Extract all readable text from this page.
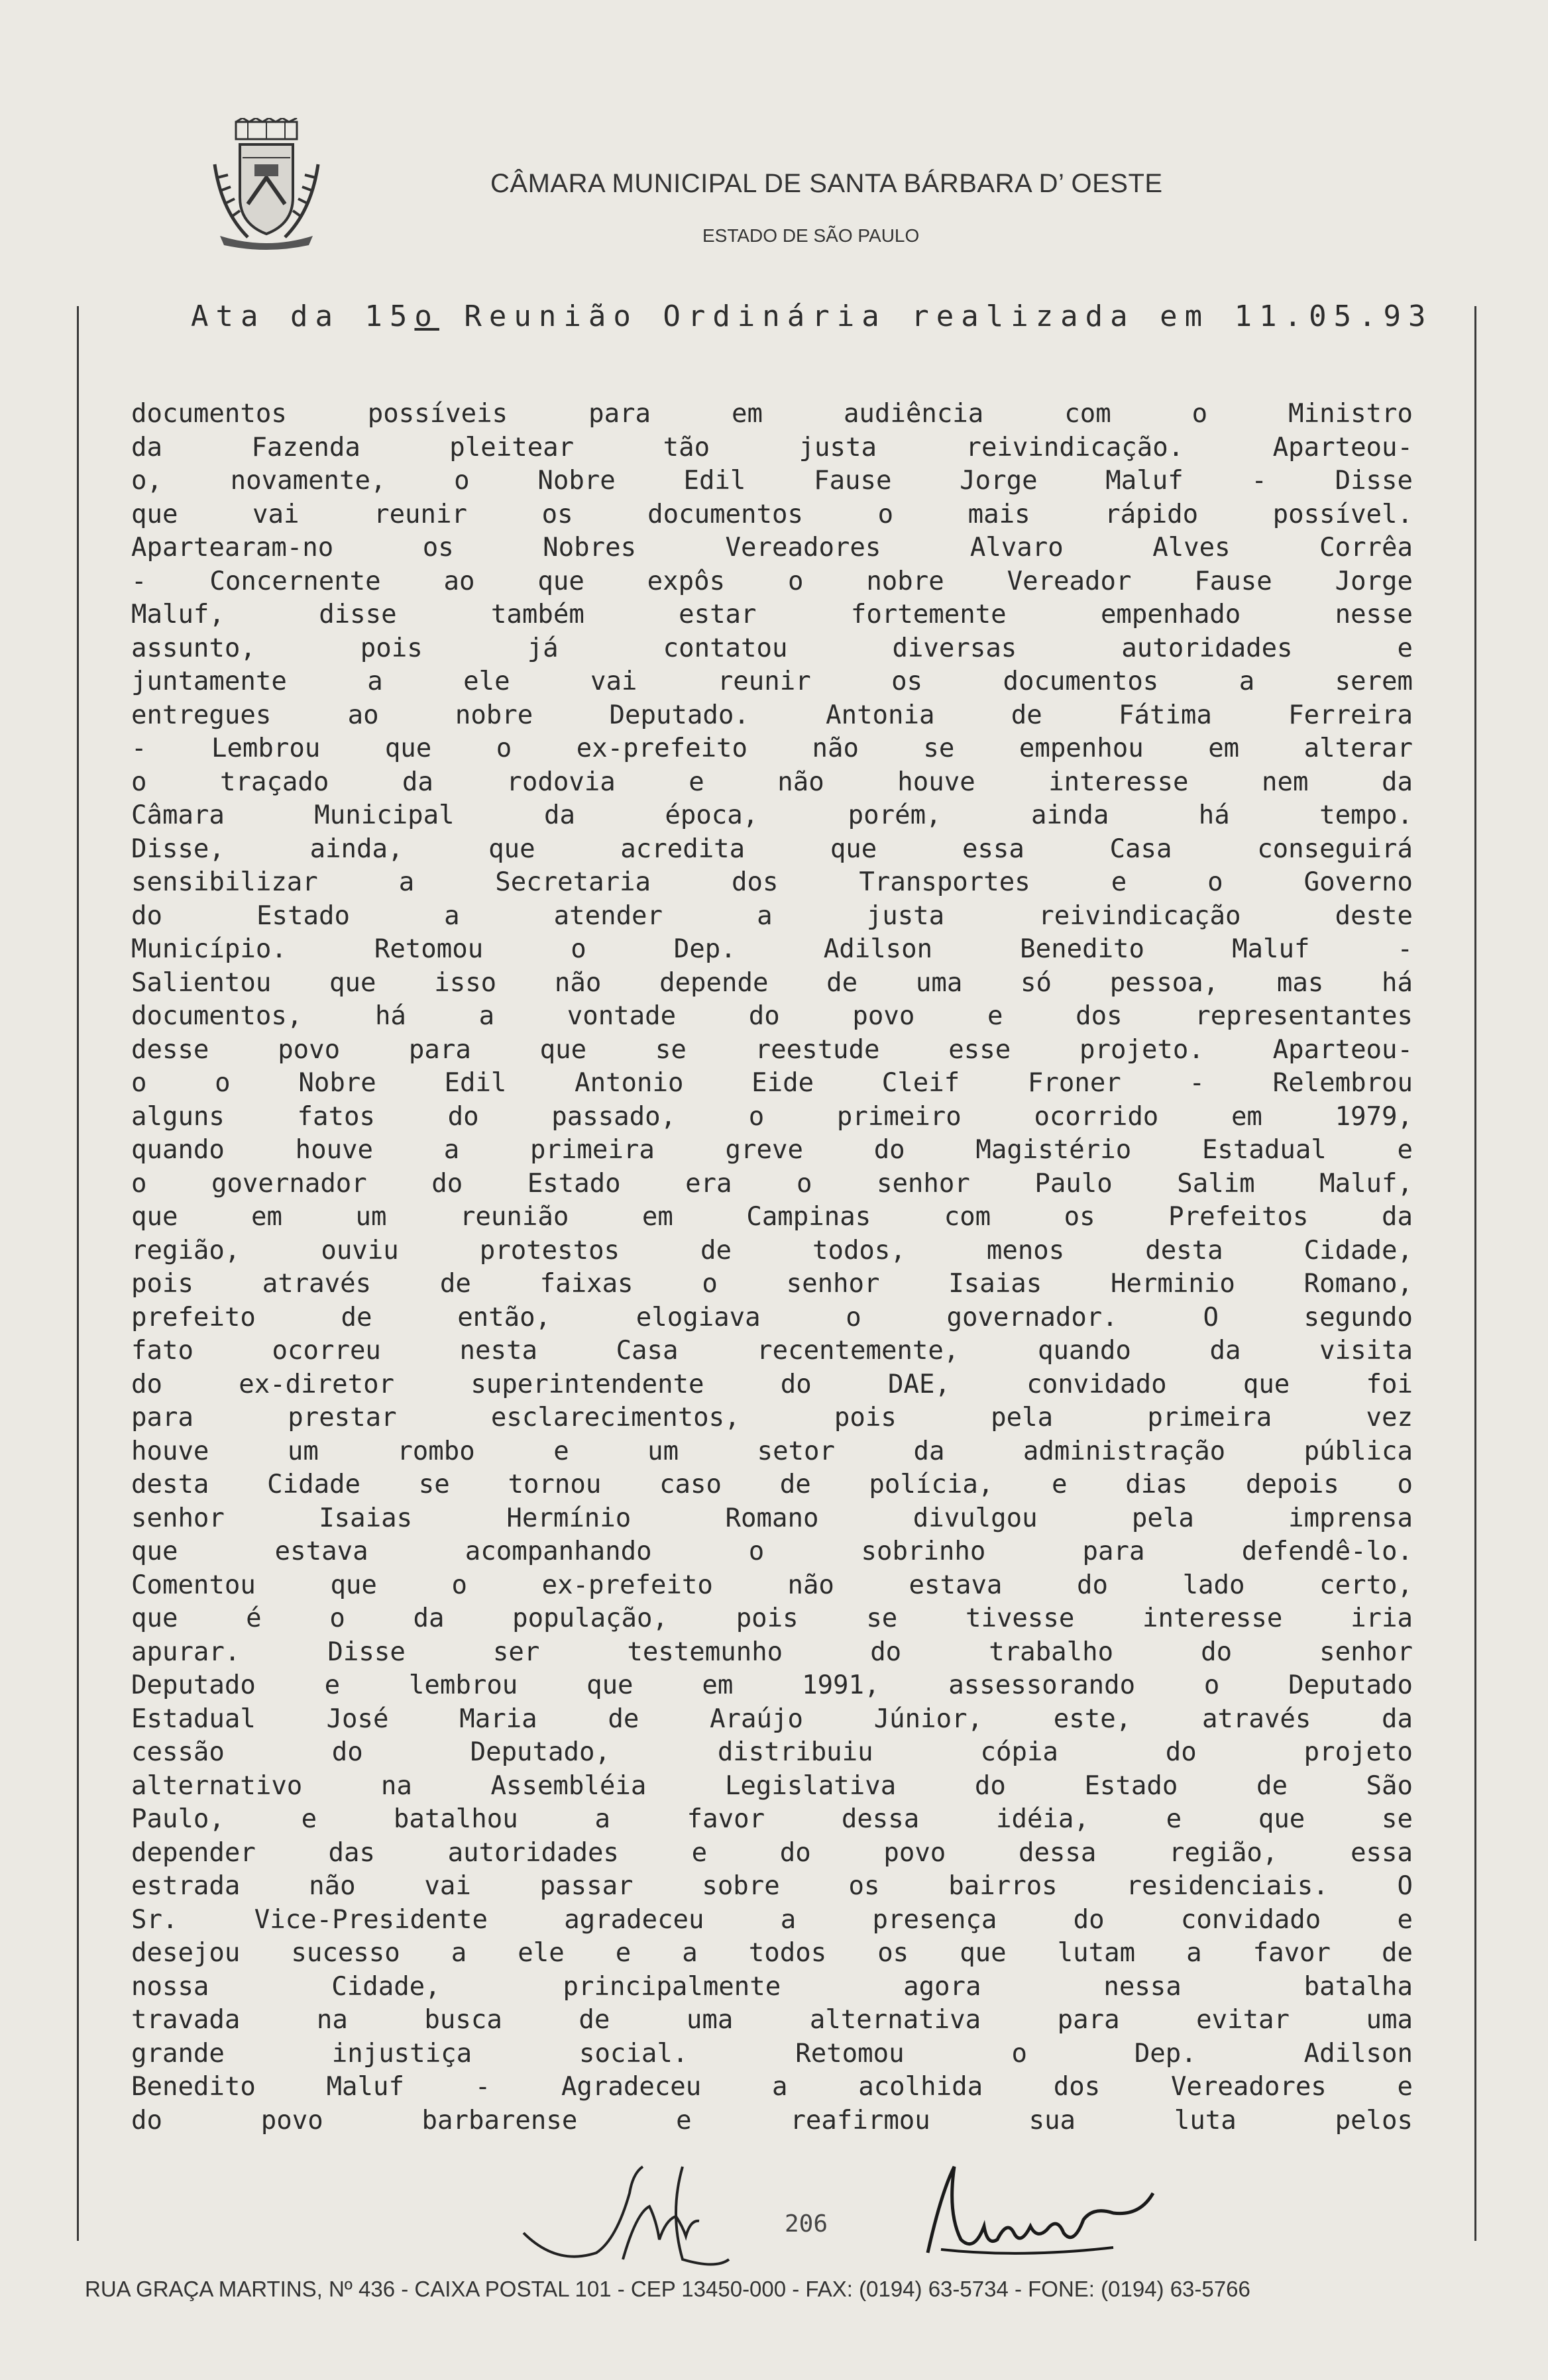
CÂMARA MUNICIPAL DE SANTA BÁRBARA D’ OESTE
ESTADO DE SÃO PAULO
Ata da 15o Reunião Ordinária realizada em 11.05.93
documentos possíveis para em audiência com o Ministro
da Fazenda pleitear tão justa reivindicação. Aparteou-
o, novamente, o Nobre Edil Fause Jorge Maluf - Disse
que vai reunir os documentos o mais rápido possível.
Apartearam-no os Nobres Vereadores Alvaro Alves Corrêa
- Concernente ao que expôs o nobre Vereador Fause Jorge
Maluf, disse também estar fortemente empenhado nesse
assunto, pois já contatou diversas autoridades e
juntamente a ele vai reunir os documentos a serem
entregues ao nobre Deputado. Antonia de Fátima Ferreira
- Lembrou que o ex-prefeito não se empenhou em alterar
o traçado da rodovia e não houve interesse nem da
Câmara Municipal da época, porém, ainda há tempo.
Disse, ainda, que acredita que essa Casa conseguirá
sensibilizar a Secretaria dos Transportes e o Governo
do Estado a atender a justa reivindicação deste
Município. Retomou o Dep. Adilson Benedito Maluf -
Salientou que isso não depende de uma só pessoa, mas há
documentos, há a vontade do povo e dos representantes
desse povo para que se reestude esse projeto. Aparteou-
o o Nobre Edil Antonio Eide Cleif Froner - Relembrou
alguns fatos do passado, o primeiro ocorrido em 1979,
quando houve a primeira greve do Magistério Estadual e
o governador do Estado era o senhor Paulo Salim Maluf,
que em um reunião em Campinas com os Prefeitos da
região, ouviu protestos de todos, menos desta Cidade,
pois através de faixas o senhor Isaias Herminio Romano,
prefeito de então, elogiava o governador. O segundo
fato ocorreu nesta Casa recentemente, quando da visita
do ex-diretor superintendente do DAE, convidado que foi
para prestar esclarecimentos, pois pela primeira vez
houve um rombo e um setor da administração pública
desta Cidade se tornou caso de polícia, e dias depois o
senhor Isaias Hermínio Romano divulgou pela imprensa
que estava acompanhando o sobrinho para defendê-lo.
Comentou que o ex-prefeito não estava do lado certo,
que é o da população, pois se tivesse interesse iria
apurar. Disse ser testemunho do trabalho do senhor
Deputado e lembrou que em 1991, assessorando o Deputado
Estadual José Maria de Araújo Júnior, este, através da
cessão do Deputado, distribuiu cópia do projeto
alternativo na Assembléia Legislativa do Estado de São
Paulo, e batalhou a favor dessa idéia, e que se
depender das autoridades e do povo dessa região, essa
estrada não vai passar sobre os bairros residenciais. O
Sr. Vice-Presidente agradeceu a presença do convidado e
desejou sucesso a ele e a todos os que lutam a favor de
nossa Cidade, principalmente agora nessa batalha
travada na busca de uma alternativa para evitar uma
grande injustiça social. Retomou o Dep. Adilson
Benedito Maluf - Agradeceu a acolhida dos Vereadores e
do povo barbarense e reafirmou sua luta pelos
206
RUA GRAÇA MARTINS, Nº 436 - CAIXA POSTAL 101 - CEP 13450-000 - FAX: (0194) 63-5734 - FONE: (0194) 63-5766
